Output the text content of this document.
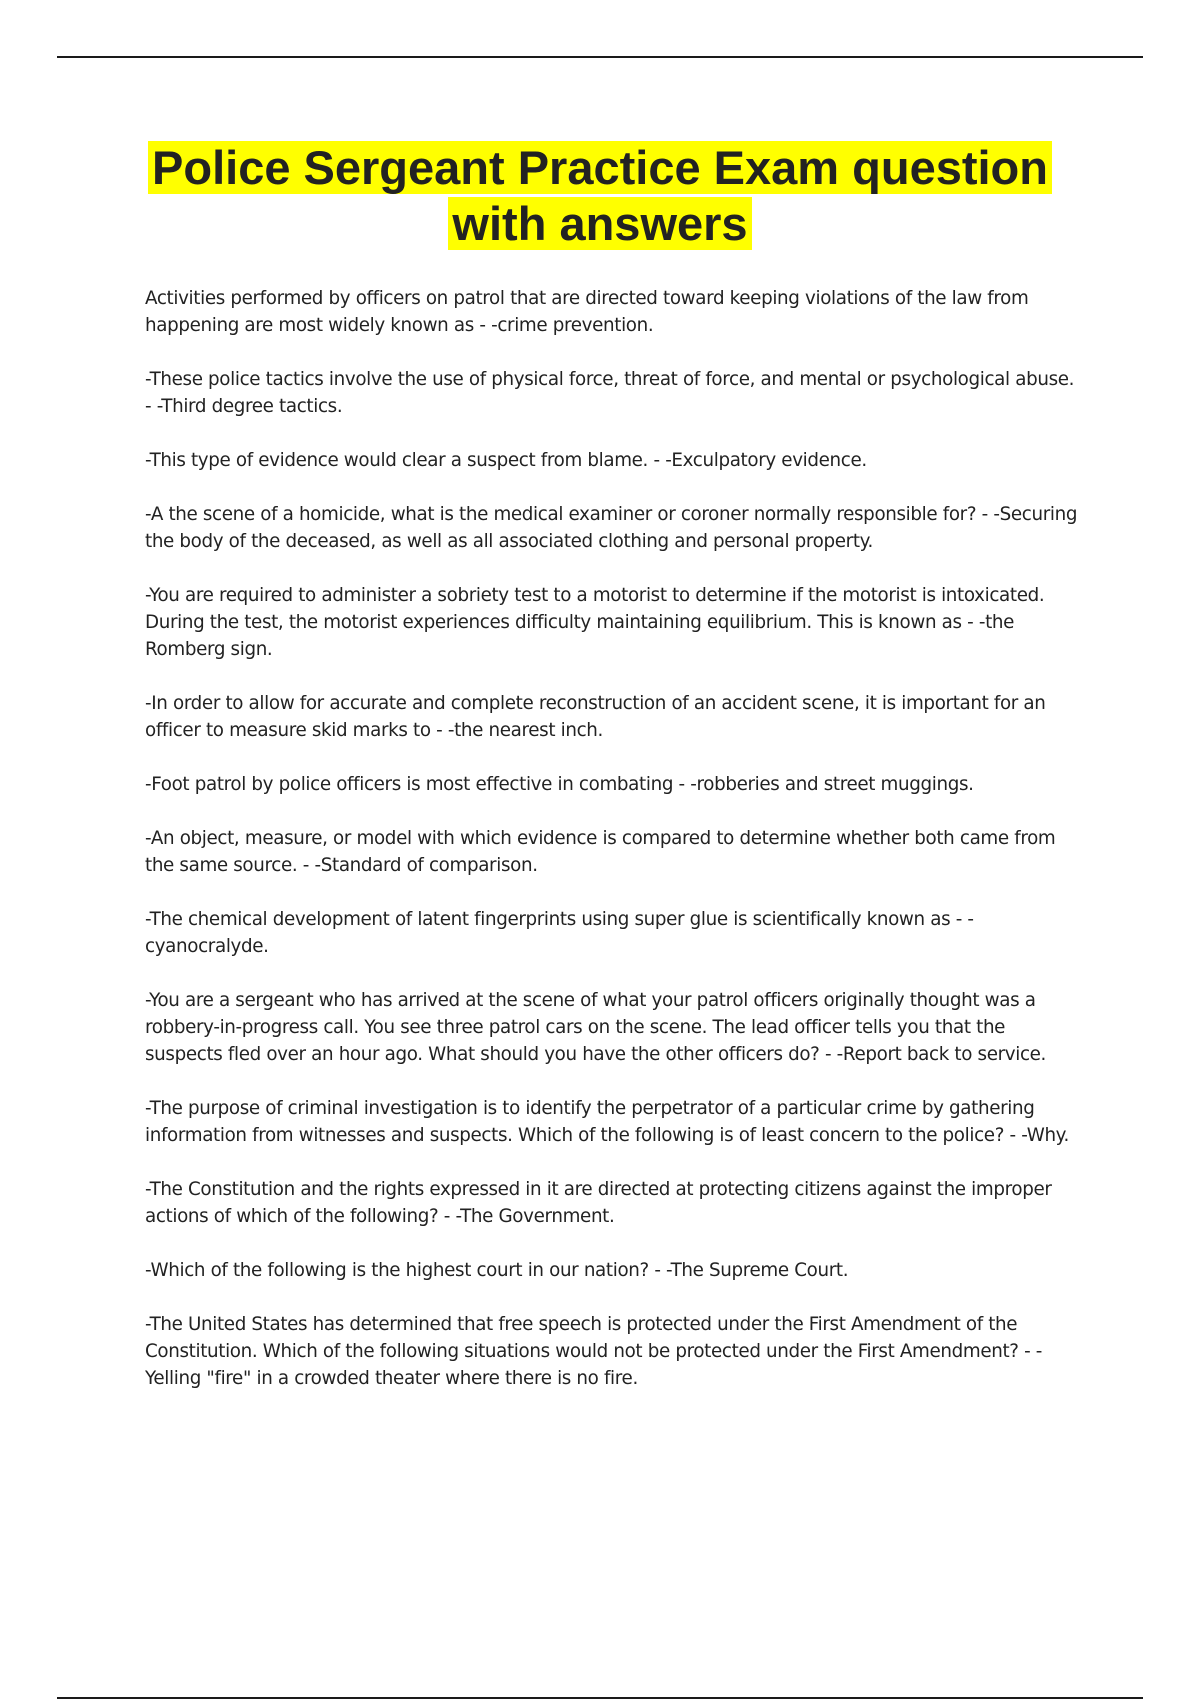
Police Sergeant Practice Exam question
with answers

Activities performed by officers on patrol that are directed toward keeping violations of the law from happening are most widely known as - -crime prevention.

-These police tactics involve the use of physical force, threat of force, and mental or psychological abuse. - -Third degree tactics.

-This type of evidence would clear a suspect from blame. - -Exculpatory evidence.

-A the scene of a homicide, what is the medical examiner or coroner normally responsible for? - -Securing the body of the deceased, as well as all associated clothing and personal property.

-You are required to administer a sobriety test to a motorist to determine if the motorist is intoxicated. During the test, the motorist experiences difficulty maintaining equilibrium. This is known as - -the Romberg sign.

-In order to allow for accurate and complete reconstruction of an accident scene, it is important for an officer to measure skid marks to - -the nearest inch.

-Foot patrol by police officers is most effective in combating - -robberies and street muggings.

-An object, measure, or model with which evidence is compared to determine whether both came from the same source. - -Standard of comparison.

-The chemical development of latent fingerprints using super glue is scientifically known as - -cyanocralyde.

-You are a sergeant who has arrived at the scene of what your patrol officers originally thought was a robbery-in-progress call. You see three patrol cars on the scene. The lead officer tells you that the suspects fled over an hour ago. What should you have the other officers do? - -Report back to service.

-The purpose of criminal investigation is to identify the perpetrator of a particular crime by gathering information from witnesses and suspects. Which of the following is of least concern to the police? - -Why.

-The Constitution and the rights expressed in it are directed at protecting citizens against the improper actions of which of the following? - -The Government.

-Which of the following is the highest court in our nation? - -The Supreme Court.

-The United States has determined that free speech is protected under the First Amendment of the Constitution. Which of the following situations would not be protected under the First Amendment? - -Yelling "fire" in a crowded theater where there is no fire.
